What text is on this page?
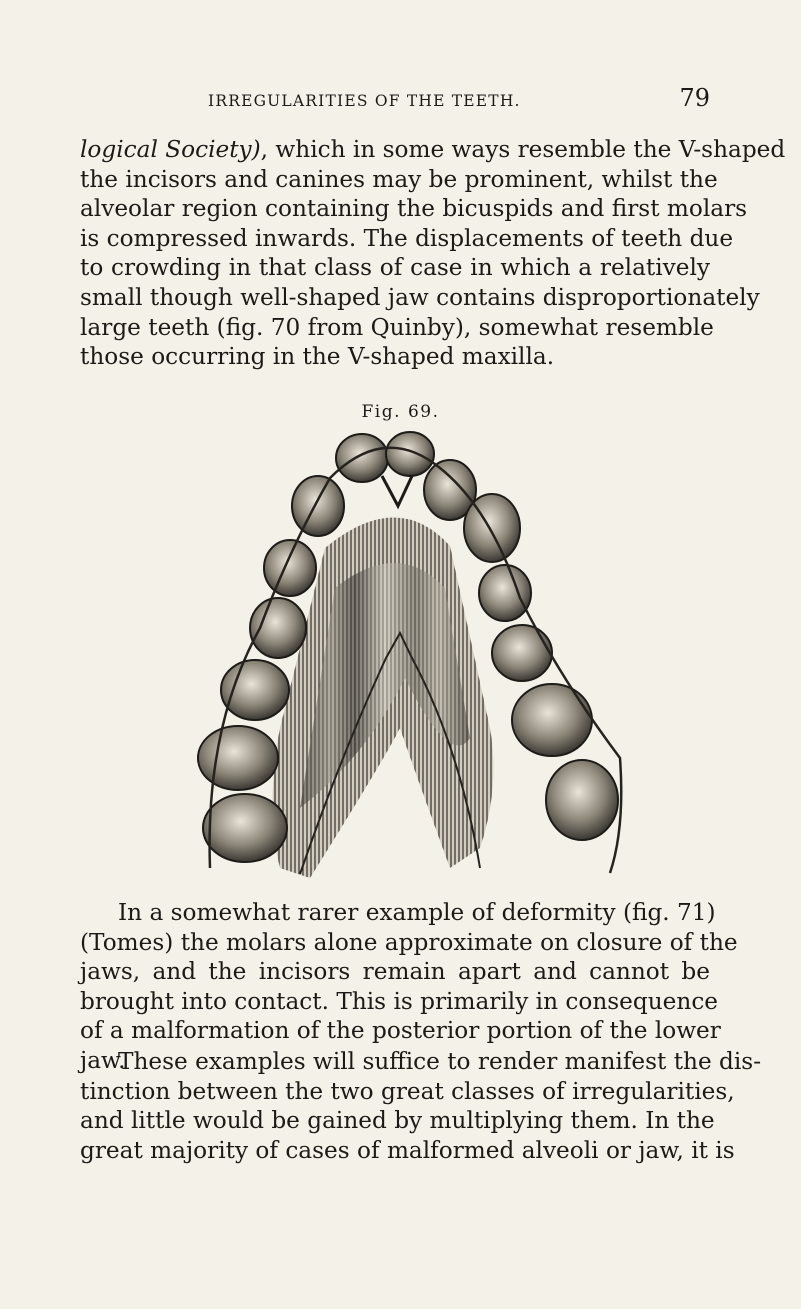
IRREGULARITIES OF THE TEETH.	79

logical Society), which in some ways resemble the V-shaped
the incisors and canines may be prominent, whilst the
alveolar region containing the bicuspids and first molars
is compressed inwards. The displacements of teeth due
to crowding in that class of case in which a relatively
small though well-shaped jaw contains disproportionately
large teeth (fig. 70 from Quinby), somewhat resemble
those occurring in the V-shaped maxilla.

Fig. 69.

In a somewhat rarer example of deformity (fig. 71)
(Tomes) the molars alone approximate on closure of the
jaws, and the incisors remain apart and cannot be
brought into contact. This is primarily in consequence
of a malformation of the posterior portion of the lower
jaw.

These examples will suffice to render manifest the dis-
tinction between the two great classes of irregularities,
and little would be gained by multiplying them. In the
great majority of cases of malformed alveoli or jaw, it is
